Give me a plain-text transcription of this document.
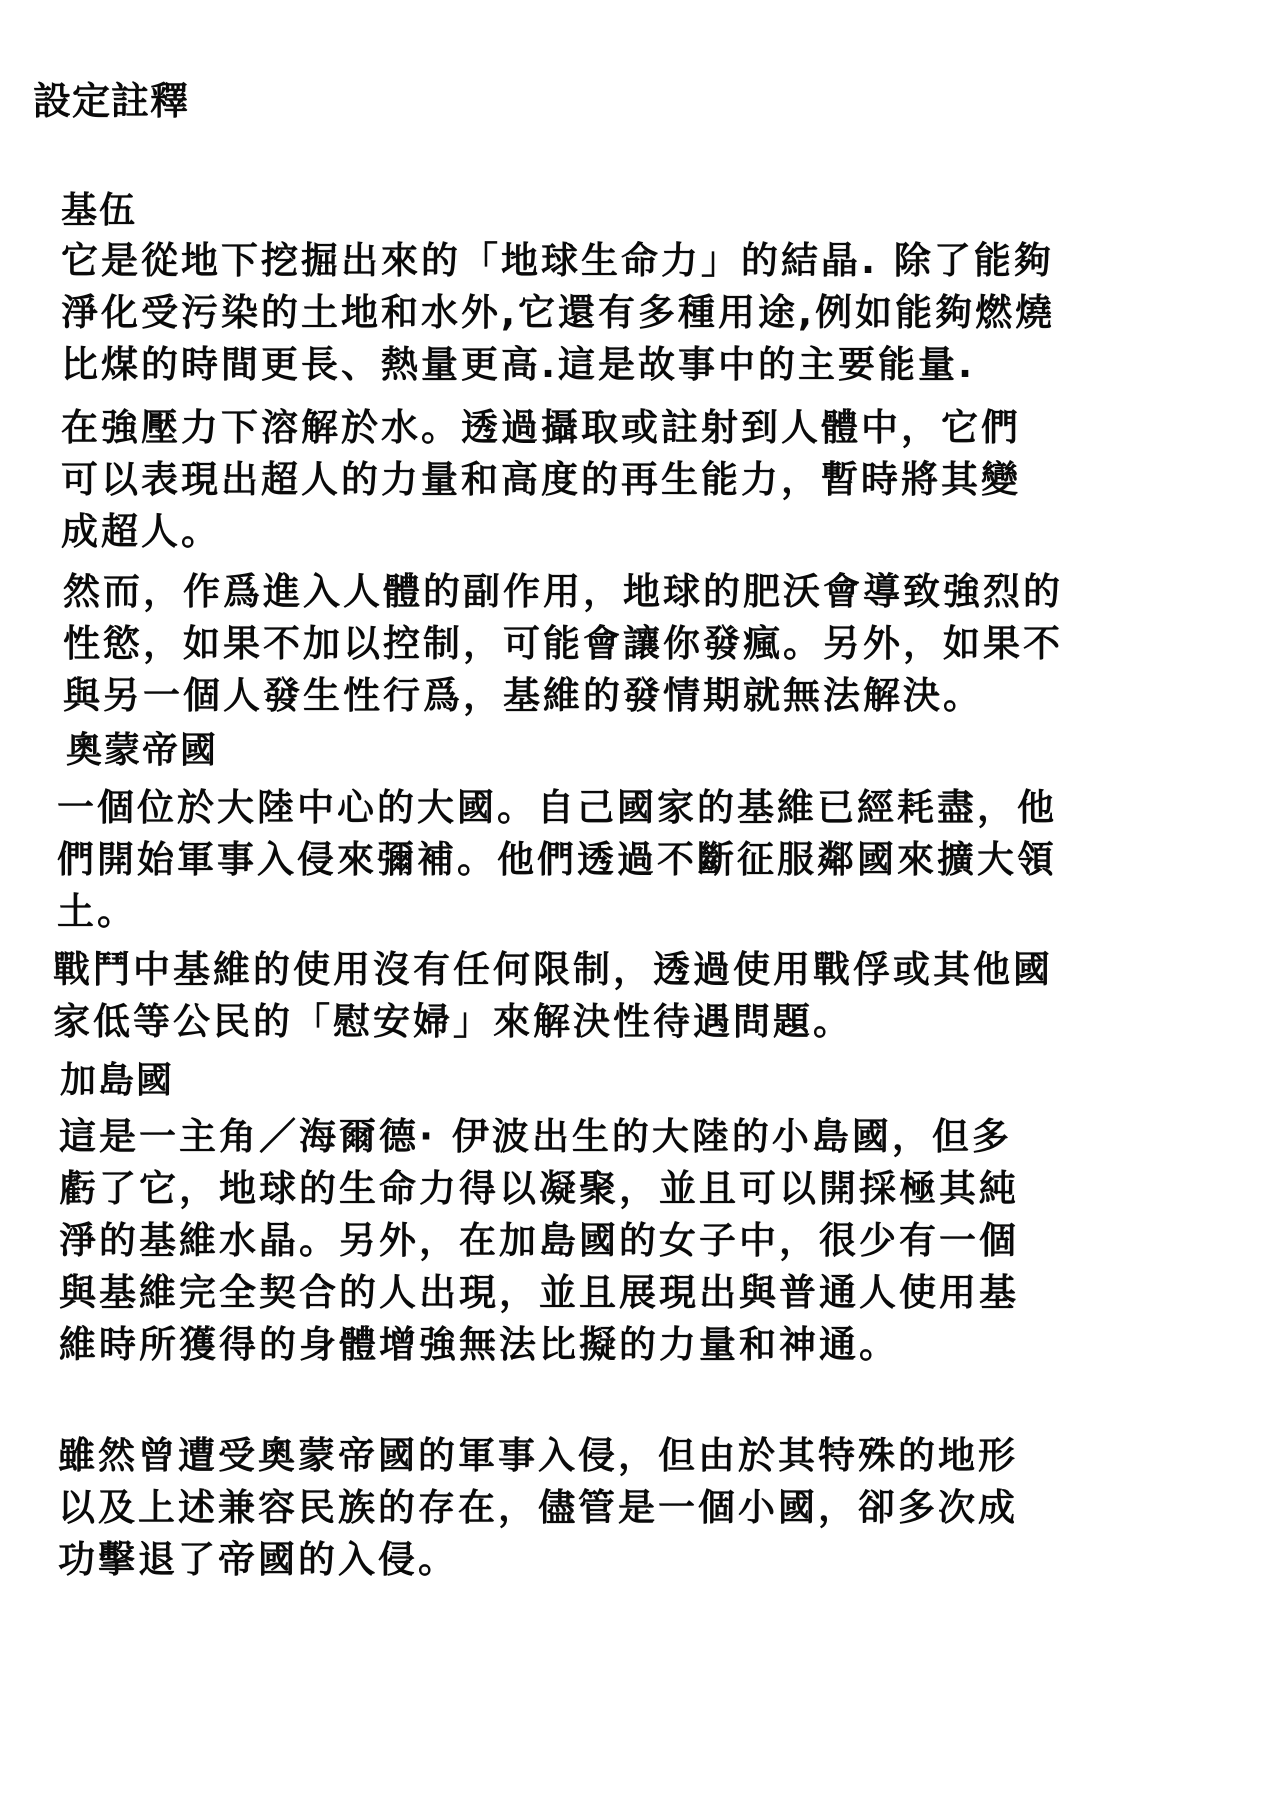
設定註釋
基伍
它是從地下挖掘出來的「地球生命力」的結晶. 除了能夠
淨化受污染的土地和水外,它還有多種用途,例如能夠燃燒
比煤的時間更長、熱量更高.這是故事中的主要能量.
在強壓力下溶解於水。透過攝取或註射到人體中，它們
可以表現出超人的力量和高度的再生能力，暫時將其變
成超人。
然而，作爲進入人體的副作用，地球的肥沃會導致強烈的
性慾，如果不加以控制，可能會讓你發瘋。另外，如果不
與另一個人發生性行爲，基維的發情期就無法解決。
奧蒙帝國
一個位於大陸中心的大國。自己國家的基維已經耗盡，他
們開始軍事入侵來彌補。他們透過不斷征服鄰國來擴大領
土。
戰鬥中基維的使用沒有任何限制，透過使用戰俘或其他國
家低等公民的「慰安婦」來解決性待遇問題。
加島國
這是一主角／海爾德· 伊波出生的大陸的小島國，但多
虧了它，地球的生命力得以凝聚，並且可以開採極其純
淨的基維水晶。另外，在加島國的女子中，很少有一個
與基維完全契合的人出現，並且展現出與普通人使用基
維時所獲得的身體增強無法比擬的力量和神通。
雖然曾遭受奧蒙帝國的軍事入侵，但由於其特殊的地形
以及上述兼容民族的存在，儘管是一個小國，卻多次成
功擊退了帝國的入侵。
